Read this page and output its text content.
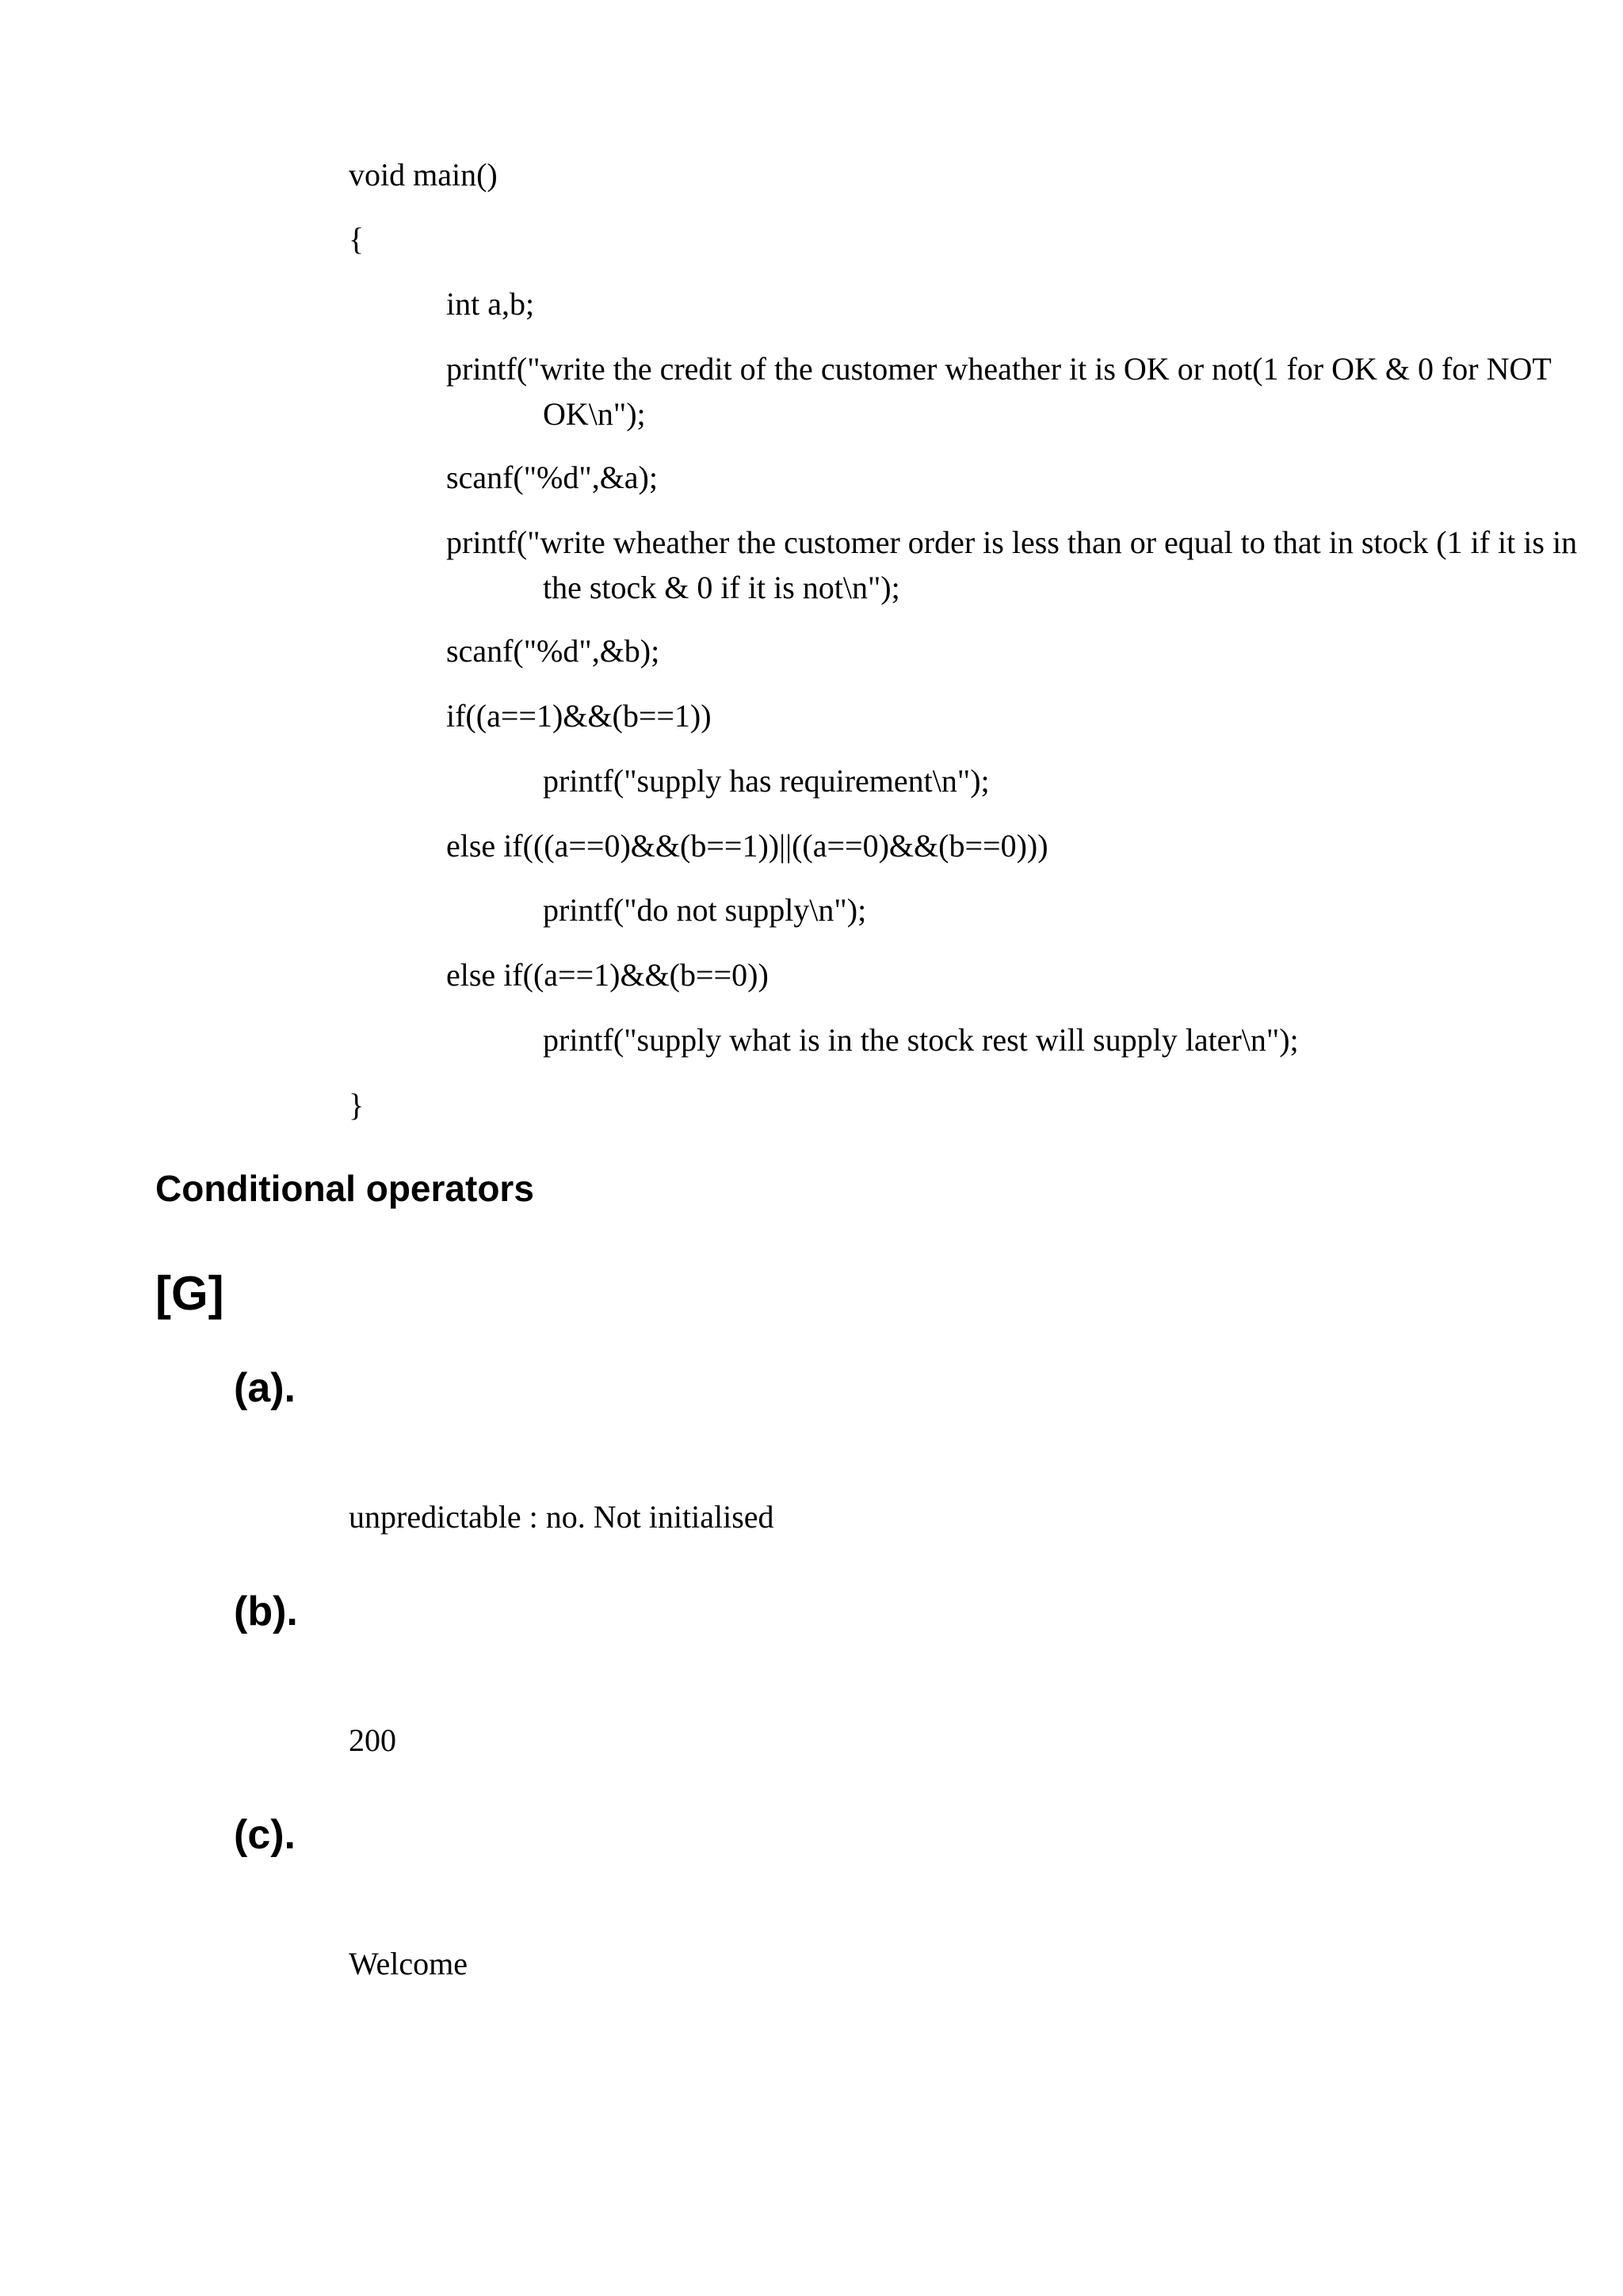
void main()
{
int a,b;
printf("write the credit of the customer wheather it is OK or not(1 for OK & 0 for NOT OK\n");
scanf("%d",&a);
printf("write wheather the customer order is less than or equal to that in stock (1 if it is in the stock & 0 if it is not\n");
scanf("%d",&b);
if((a==1)&&(b==1))
printf("supply has requirement\n");
else if(((a==0)&&(b==1))||((a==0)&&(b==0)))
printf("do not supply\n");
else if((a==1)&&(b==0))
printf("supply what is in the stock rest will supply later\n");
}
Conditional operators
[G]
(a).
unpredictable : no. Not initialised
(b).
200
(c).
Welcome
